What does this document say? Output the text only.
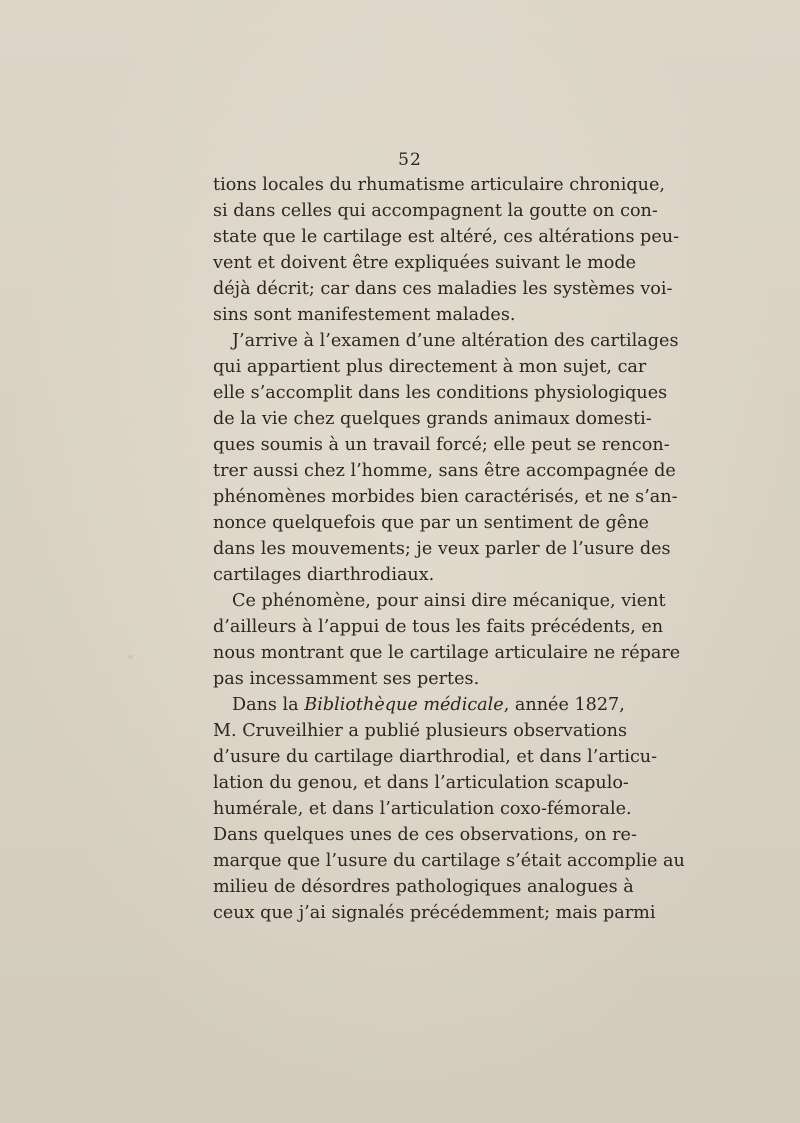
52
tions locales du rhumatisme articulaire chronique,
si dans celles qui accompagnent la goutte on con-
state que le cartilage est altéré, ces altérations peu-
vent et doivent être expliquées suivant le mode
déjà décrit; car dans ces maladies les systèmes voi-
sins sont manifestement malades.
J’arrive à l’examen d’une altération des cartilages
qui appartient plus directement à mon sujet, car
elle s’accomplit dans les conditions physiologiques
de la vie chez quelques grands animaux domesti-
ques soumis à un travail forcé; elle peut se rencon-
trer aussi chez l’homme, sans être accompagnée de
phénomènes morbides bien caractérisés, et ne s’an-
nonce quelquefois que par un sentiment de gêne
dans les mouvements; je veux parler de l’usure des
cartilages diarthrodiaux.
Ce phénomène, pour ainsi dire mécanique, vient
d’ailleurs à l’appui de tous les faits précédents, en
nous montrant que le cartilage articulaire ne répare
pas incessamment ses pertes.
Dans la Bibliothèque médicale, année 1827,
M. Cruveilhier a publié plusieurs observations
d’usure du cartilage diarthrodial, et dans l’articu-
lation du genou, et dans l’articulation scapulo-
humérale, et dans l’articulation coxo-fémorale.
Dans quelques unes de ces observations, on re-
marque que l’usure du cartilage s’était accomplie au
milieu de désordres pathologiques analogues à
ceux que j’ai signalés précédemment; mais parmi
